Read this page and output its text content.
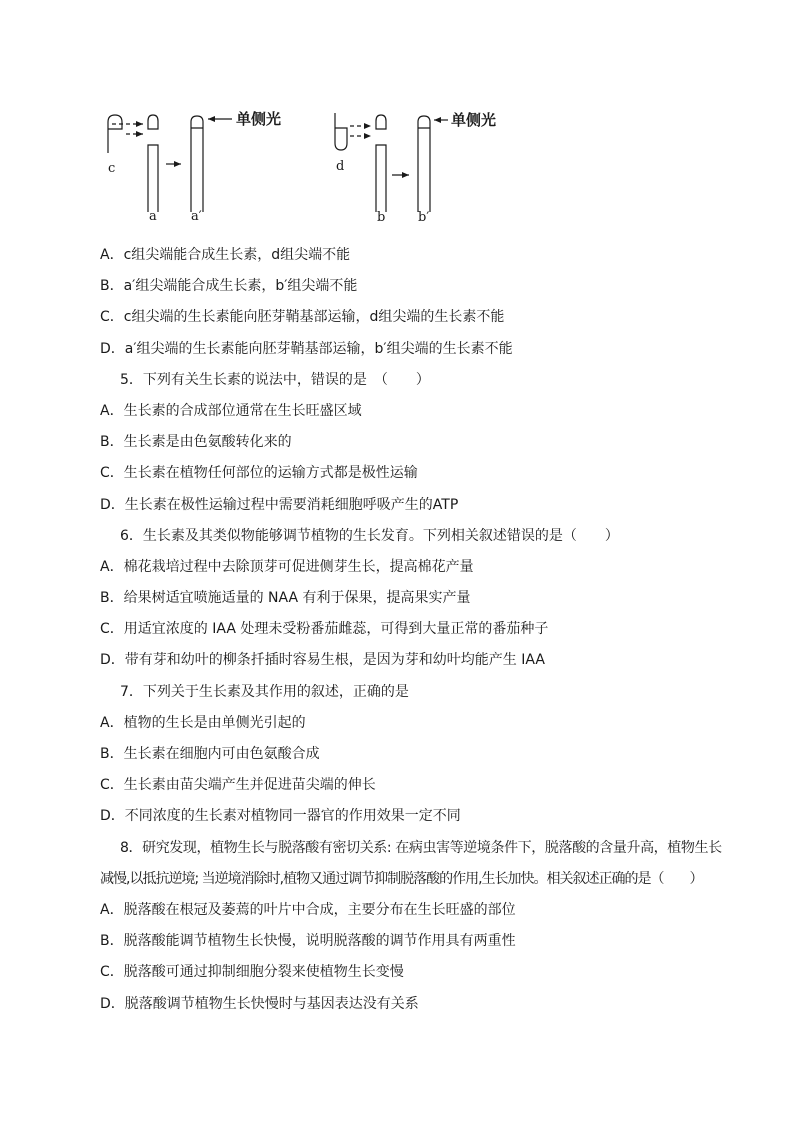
c
a	a′
单侧光
d
b	b′
单侧光
A．c组尖端能合成生长素，d组尖端不能
B．a′组尖端能合成生长素，b′组尖端不能
C．c组尖端的生长素能向胚芽鞘基部运输，d组尖端的生长素不能
D．a′组尖端的生长素能向胚芽鞘基部运输，b′组尖端的生长素不能
5．下列有关生长素的说法中，错误的是　（　　）
A．生长素的合成部位通常在生长旺盛区域
B．生长素是由色氨酸转化来的
C．生长素在植物任何部位的运输方式都是极性运输
D．生长素在极性运输过程中需要消耗细胞呼吸产生的ATP
6．生长素及其类似物能够调节植物的生长发育。下列相关叙述错误的是（　　）
A．棉花栽培过程中去除顶芽可促进侧芽生长，提高棉花产量
B．给果树适宜喷施适量的 NAA 有利于保果，提高果实产量
C．用适宜浓度的 IAA 处理未受粉番茄雌蕊，可得到大量正常的番茄种子
D．带有芽和幼叶的柳条扦插时容易生根，是因为芽和幼叶均能产生 IAA
7．下列关于生长素及其作用的叙述，正确的是
A．植物的生长是由单侧光引起的
B．生长素在细胞内可由色氨酸合成
C．生长素由苗尖端产生并促进苗尖端的伸长
D．不同浓度的生长素对植物同一器官的作用效果一定不同
8．研究发现，植物生长与脱落酸有密切关系: 在病虫害等逆境条件下，脱落酸的含量升高，植物生长
减慢,以抵抗逆境; 当逆境消除时,植物又通过调节抑制脱落酸的作用,生长加快。相关叙述正确的是（　　）
A．脱落酸在根冠及萎蔫的叶片中合成，主要分布在生长旺盛的部位
B．脱落酸能调节植物生长快慢，说明脱落酸的调节作用具有两重性
C．脱落酸可通过抑制细胞分裂来使植物生长变慢
D．脱落酸调节植物生长快慢时与基因表达没有关系
